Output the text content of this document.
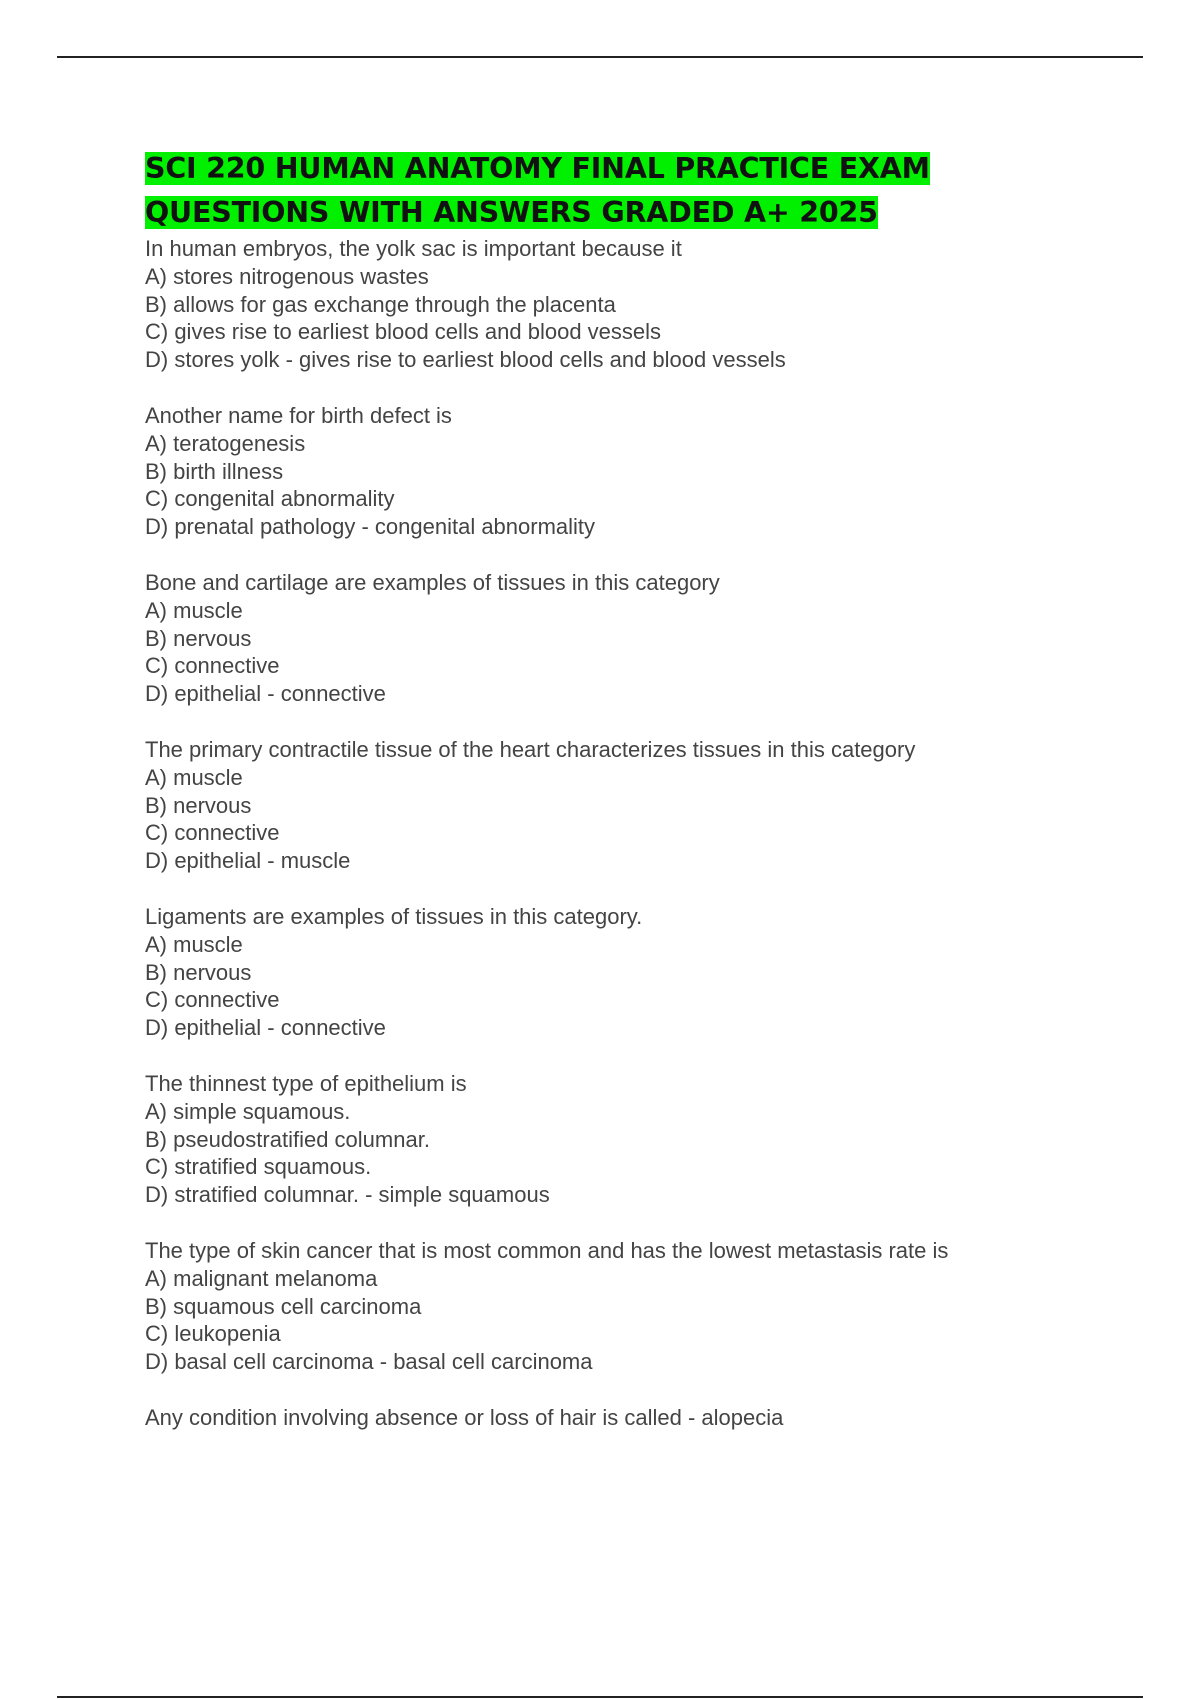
SCI 220 HUMAN ANATOMY FINAL PRACTICE EXAM
QUESTIONS WITH ANSWERS GRADED A+ 2025
In human embryos, the yolk sac is important because it
A) stores nitrogenous wastes
B) allows for gas exchange through the placenta
C) gives rise to earliest blood cells and blood vessels
D) stores yolk - gives rise to earliest blood cells and blood vessels
Another name for birth defect is
A) teratogenesis
B) birth illness
C) congenital abnormality
D) prenatal pathology - congenital abnormality
Bone and cartilage are examples of tissues in this category
A) muscle
B) nervous
C) connective
D) epithelial - connective
The primary contractile tissue of the heart characterizes tissues in this category
A) muscle
B) nervous
C) connective
D) epithelial - muscle
Ligaments are examples of tissues in this category.
A) muscle
B) nervous
C) connective
D) epithelial - connective
The thinnest type of epithelium is
A) simple squamous.
B) pseudostratified columnar.
C) stratified squamous.
D) stratified columnar. - simple squamous
The type of skin cancer that is most common and has the lowest metastasis rate is
A) malignant melanoma
B) squamous cell carcinoma
C) leukopenia
D) basal cell carcinoma - basal cell carcinoma
Any condition involving absence or loss of hair is called - alopecia
